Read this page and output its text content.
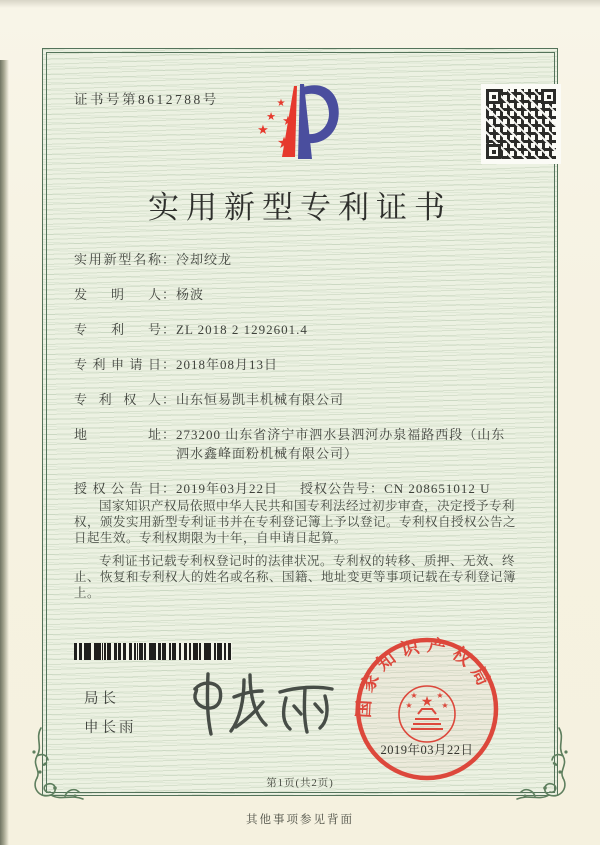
证书号第8612788号	★
★ ★
★
★
实用新型专利证书
实用新型名称 ： 冷却绞龙
发明人 ： 杨波
专利号 ： ZL 2018 2 1292601.4
专利申请日 ： 2018年08月13日
专利权人 ： 山东恒易凯丰机械有限公司
地址 ： 273200 山东省济宁市泗水县泗河办泉福路西段（山东泗水鑫峰面粉机械有限公司）
授权公告日 ： 2019年03月22日 授权公告号 ： CN 208651012 U

国家知识产权局依照中华人民共和国专利法经过初步审查，决定授予专利权，颁发实用新型专利证书并在专利登记簿上予以登记。专利权自授权公告之日起生效。专利权期限为十年，自申请日起算。

专利证书记载专利权登记时的法律状况。专利权的转移、质押、无效、终止、恢复和专利权人的姓名或名称、国籍、地址变更等事项记载在专利登记簿上。

局长
申长雨
国家知识产权局
★
★ ★
★	★
2019年03月22日
第1页(共2页)
其他事项参见背面
